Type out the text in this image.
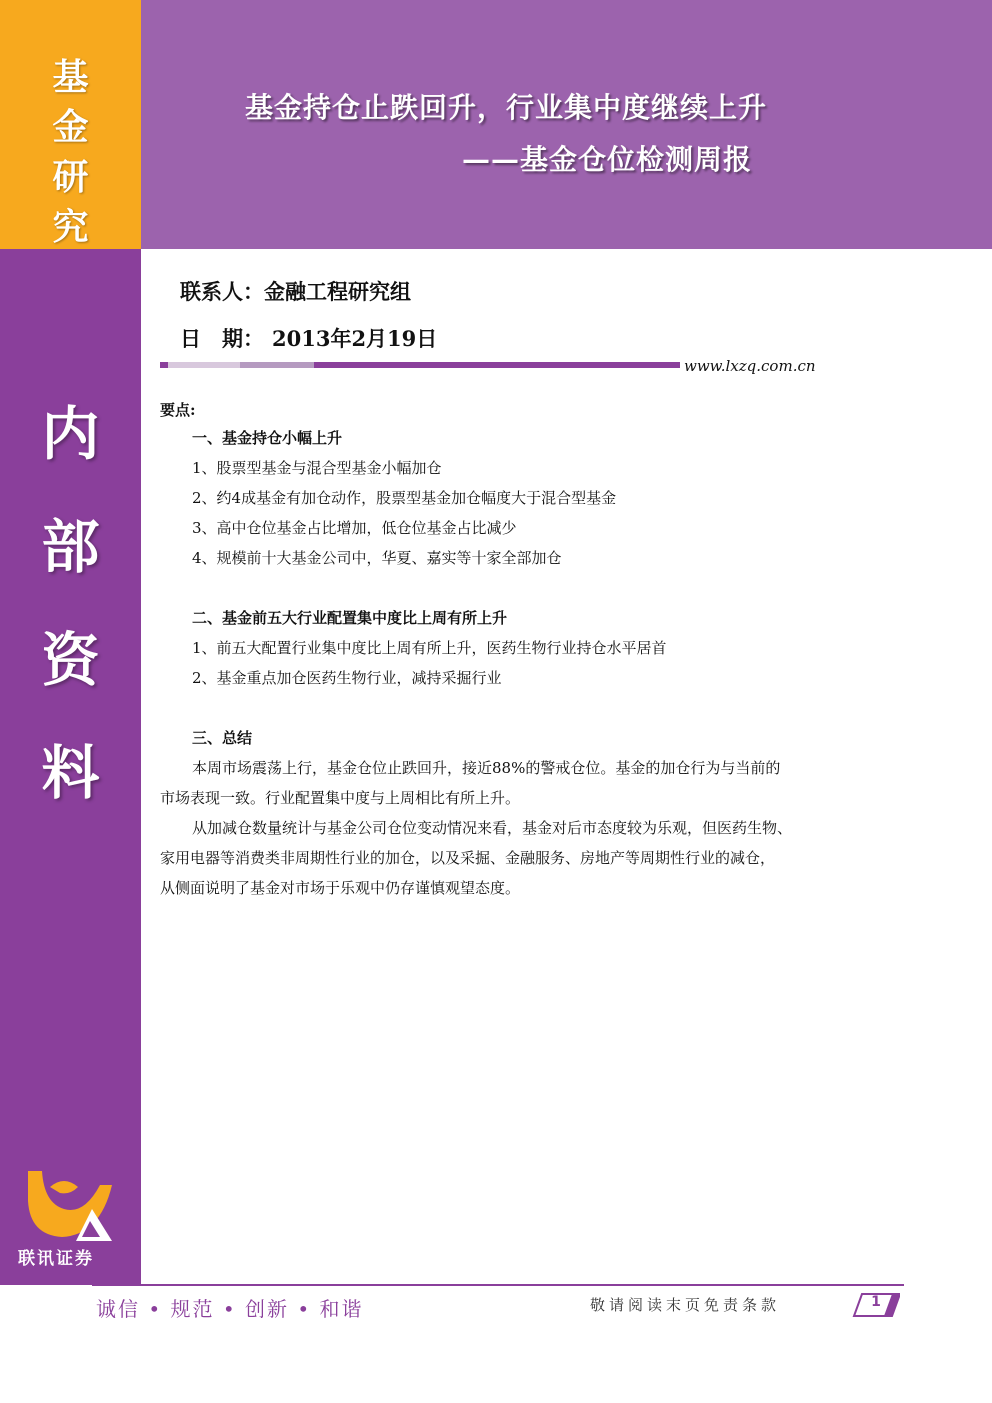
基
金
研
究
内
部
资
料
联讯证券
基金持仓止跌回升，行业集中度继续上升
——基金仓位检测周报
联系人：金融工程研究组
日　期： 2013年2月19日
www.lxzq.com.cn
要点:
一、基金持仓小幅上升
1、股票型基金与混合型基金小幅加仓
2、约4成基金有加仓动作，股票型基金加仓幅度大于混合型基金
3、高中仓位基金占比增加，低仓位基金占比减少
4、规模前十大基金公司中，华夏、嘉实等十家全部加仓
二、基金前五大行业配置集中度比上周有所上升
1、前五大配置行业集中度比上周有所上升，医药生物行业持仓水平居首
2、基金重点加仓医药生物行业，减持采掘行业
三、总结
本周市场震荡上行，基金仓位止跌回升，接近88%的警戒仓位。基金的加仓行为与当前的
市场表现一致。行业配置集中度与上周相比有所上升。
从加减仓数量统计与基金公司仓位变动情况来看，基金对后市态度较为乐观，但医药生物、
家用电器等消费类非周期性行业的加仓，以及采掘、金融服务、房地产等周期性行业的减仓，
从侧面说明了基金对市场于乐观中仍存谨慎观望态度。
诚信 • 规范 • 创新 • 和谐	敬请阅读末页免责条款	1
